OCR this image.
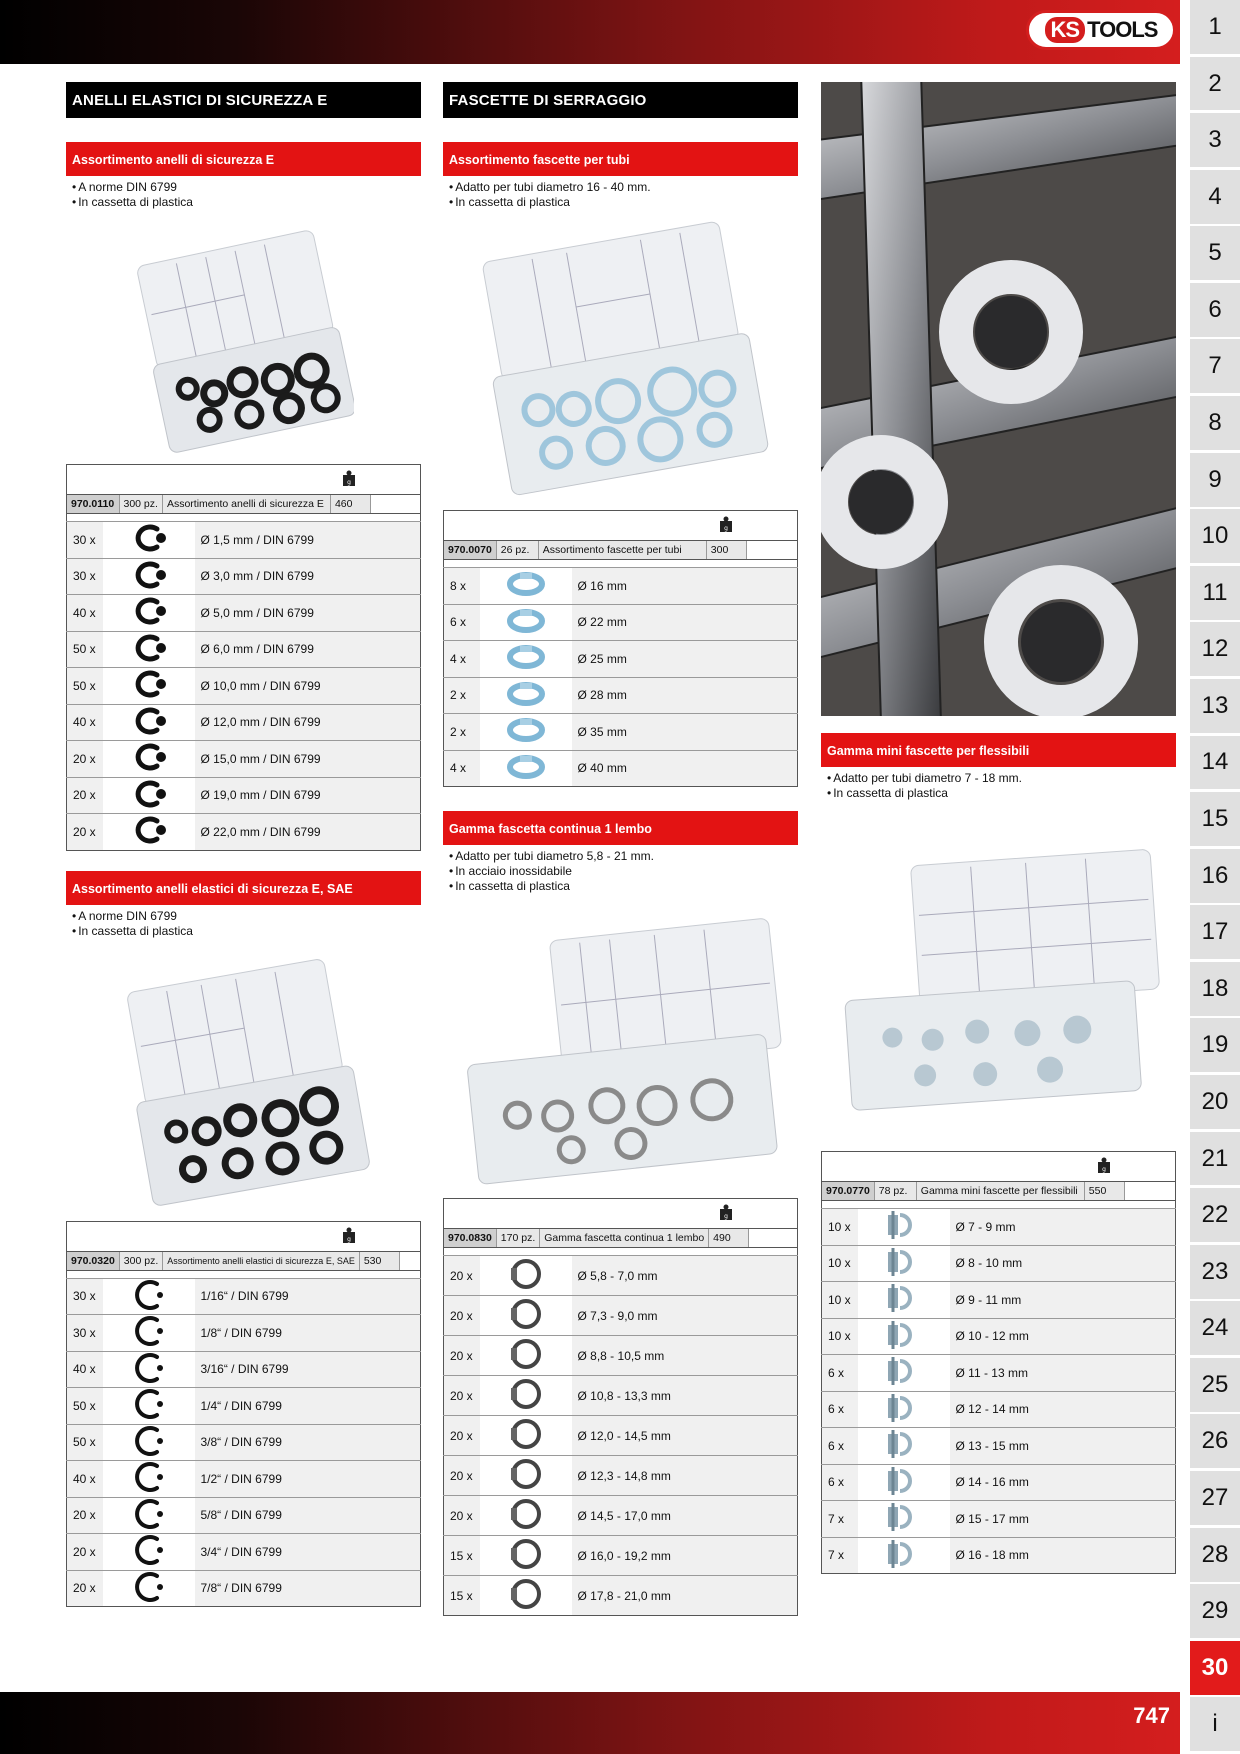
KS TOOLS
747
1
2
3
4
5
6
7
8
9
10
11
12
13
14
15
16
17
18
19
20
21
22
23
24
25
26
27
28
29
30
i
ANELLI ELASTICI DI SICUREZZA E
Assortimento anelli di sicurezza E
• A norme DIN 6799
• In cassetta di plastica
g

970.0110	300 pz.	Assortimento anelli di sicurezza E	460	

30 x		Ø 1,5 mm / DIN 6799
30 x		Ø 3,0 mm / DIN 6799
40 x		Ø 5,0 mm / DIN 6799
50 x		Ø 6,0 mm / DIN 6799
50 x		Ø 10,0 mm / DIN 6799
40 x		Ø 12,0 mm / DIN 6799
20 x		Ø 15,0 mm / DIN 6799
20 x		Ø 19,0 mm / DIN 6799
20 x		Ø 22,0 mm / DIN 6799
Assortimento anelli elastici di sicurezza E, SAE
• A norme DIN 6799
• In cassetta di plastica
g

970.0320	300 pz.	Assortimento anelli elastici di sicurezza E, SAE	530	

30 x		1/16“ / DIN 6799
30 x		1/8“ / DIN 6799
40 x		3/16“ / DIN 6799
50 x		1/4“ / DIN 6799
50 x		3/8“ / DIN 6799
40 x		1/2“ / DIN 6799
20 x		5/8“ / DIN 6799
20 x		3/4“ / DIN 6799
20 x		7/8“ / DIN 6799
FASCETTE DI SERRAGGIO
Assortimento fascette per tubi
• Adatto per tubi diametro 16 - 40 mm.
• In cassetta di plastica
g

970.0070	26 pz.	Assortimento fascette per tubi	300	

8 x		Ø 16 mm
6 x		Ø 22 mm
4 x		Ø 25 mm
2 x		Ø 28 mm
2 x		Ø 35 mm
4 x		Ø 40 mm
Gamma fascetta continua 1 lembo
• Adatto per tubi diametro 5,8 - 21 mm.
• In acciaio inossidabile
• In cassetta di plastica
g

970.0830	170 pz.	Gamma fascetta continua 1 lembo	490	

20 x		Ø 5,8 - 7,0 mm
20 x		Ø 7,3 - 9,0 mm
20 x		Ø 8,8 - 10,5 mm
20 x		Ø 10,8 - 13,3 mm
20 x		Ø 12,0 - 14,5 mm
20 x		Ø 12,3 - 14,8 mm
20 x		Ø 14,5 - 17,0 mm
15 x		Ø 16,0 - 19,2 mm
15 x		Ø 17,8 - 21,0 mm
Gamma mini fascette per flessibili
• Adatto per tubi diametro 7 - 18 mm.
• In cassetta di plastica
g

970.0770	78 pz.	Gamma mini fascette per flessibili	550	

10 x		Ø 7 - 9 mm
10 x		Ø 8 - 10 mm
10 x		Ø 9 - 11 mm
10 x		Ø 10 - 12 mm
6 x		Ø 11 - 13 mm
6 x		Ø 12 - 14 mm
6 x		Ø 13 - 15 mm
6 x		Ø 14 - 16 mm
7 x		Ø 15 - 17 mm
7 x		Ø 16 - 18 mm
